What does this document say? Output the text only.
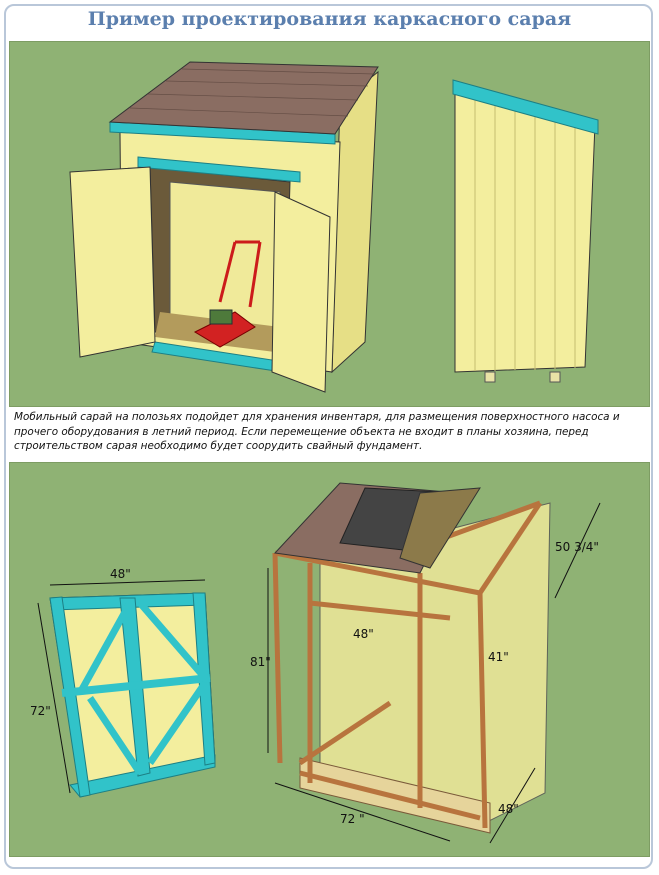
Пример проектирования каркасного сарая
Мобильный сарай на полозьях подойдет для хранения инвентаря, для размещения поверхностного насоса и прочего оборудования в летний период. Если перемещение объекта не входит в планы хозяина, перед строительством сарая необходимо будет соорудить свайный фундамент.
48"
72"
81"
48"
41"
50 3/4"
72 "
48"
